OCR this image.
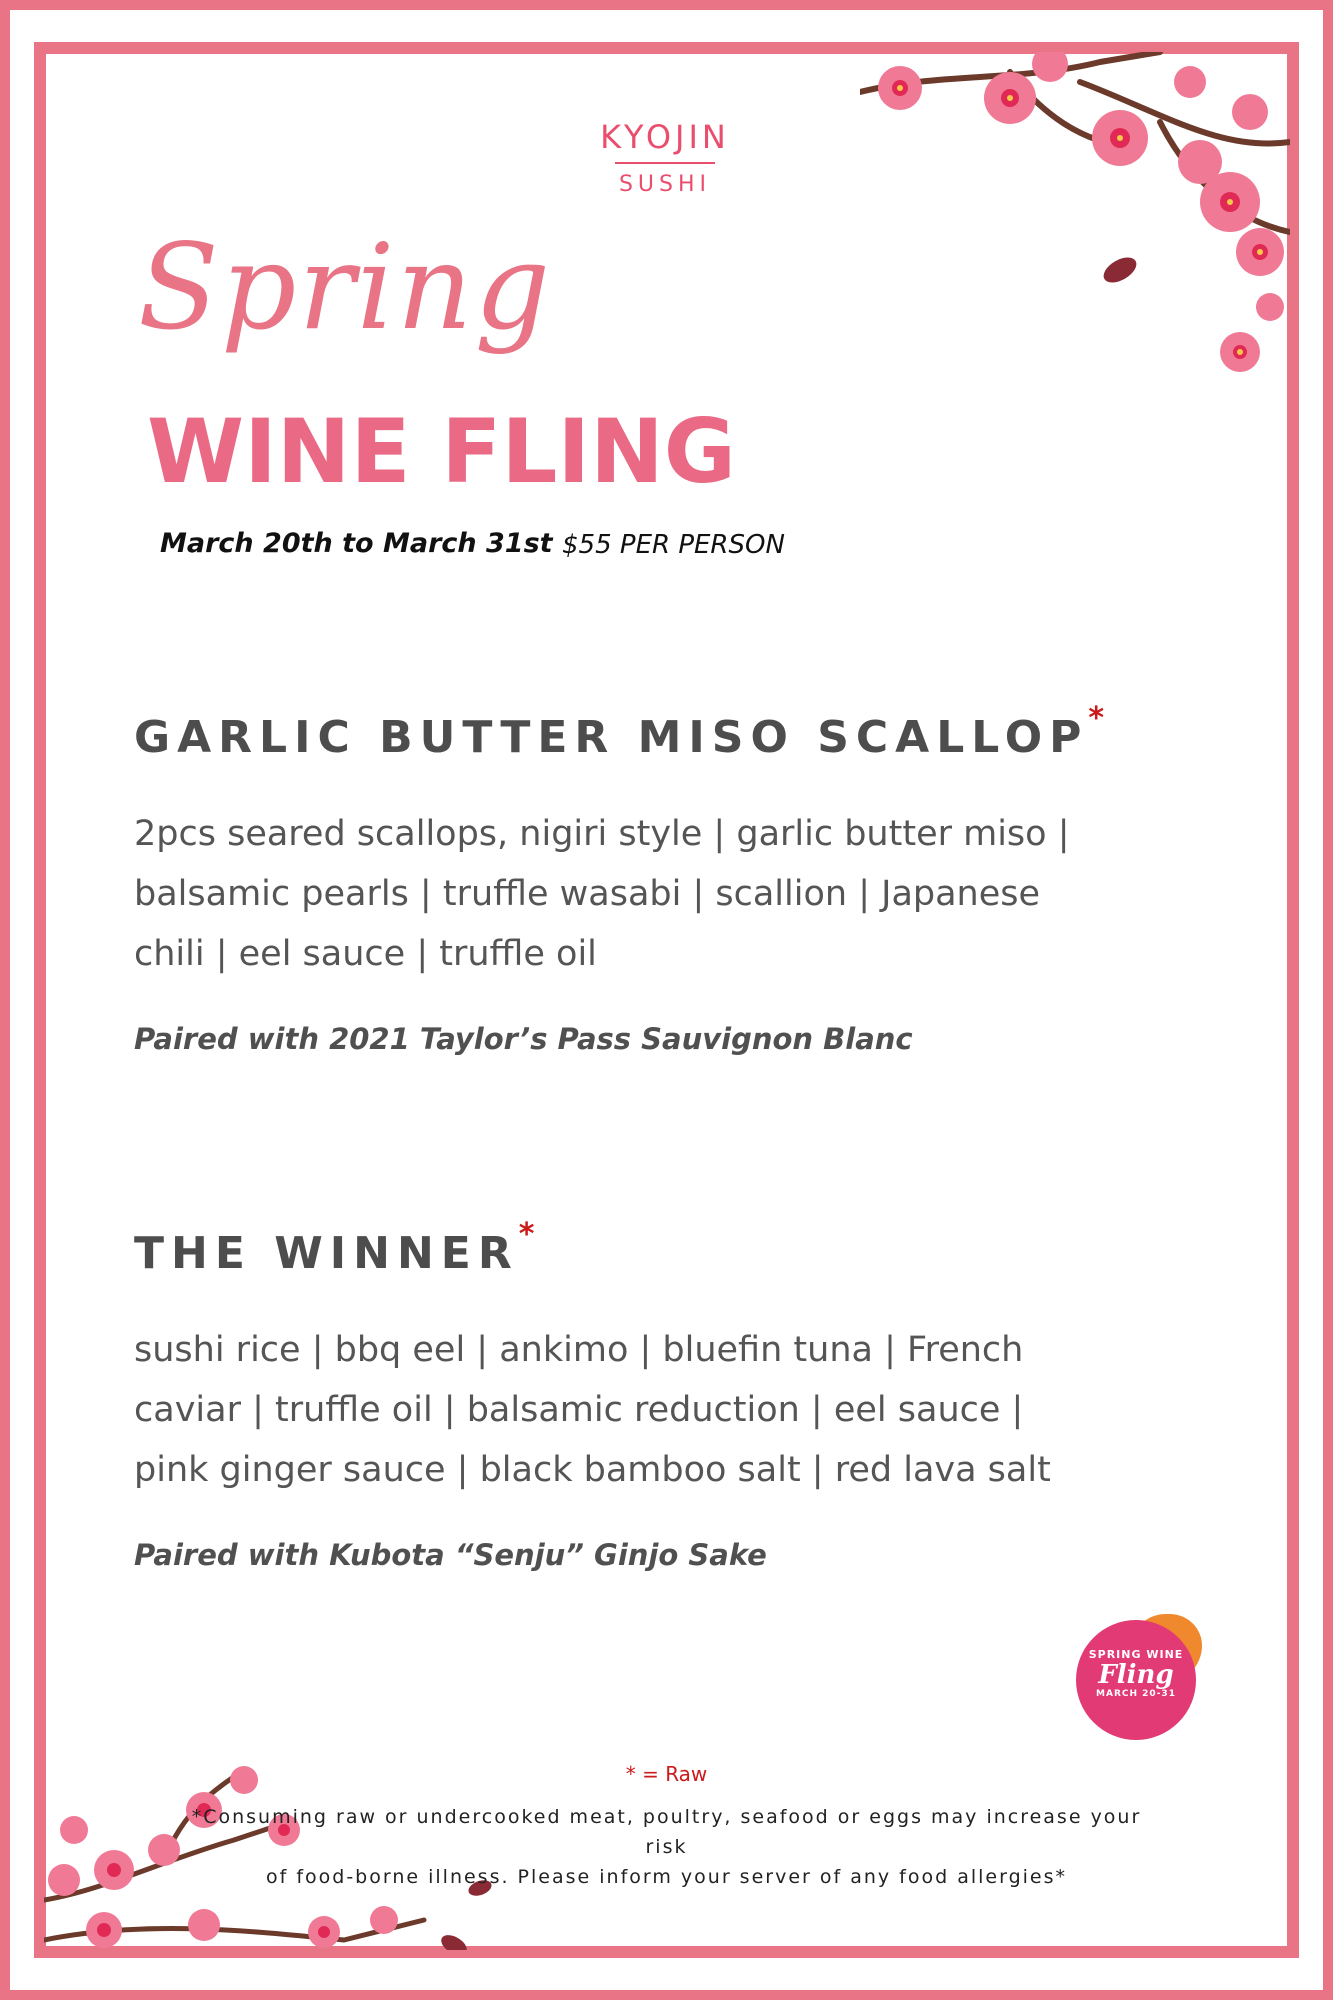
KYOJIN
SUSHI
Spring
WINE FLING
March 20th to March 31st $55 PER PERSON
GARLIC BUTTER MISO SCALLOP*
2pcs seared scallops, nigiri style | garlic butter miso |
balsamic pearls | truffle wasabi | scallion | Japanese
chili | eel sauce | truffle oil
Paired with 2021 Taylor’s Pass Sauvignon Blanc
THE WINNER*
sushi rice | bbq eel | ankimo | bluefin tuna | French
caviar | truffle oil | balsamic reduction | eel sauce |
pink ginger sauce | black bamboo salt | red lava salt
Paired with Kubota “Senju” Ginjo Sake
SPRING WINE
Fling
MARCH 20-31
* = Raw
*Consuming raw or undercooked meat, poultry, seafood or eggs may increase your risk
of food-borne illness. Please inform your server of any food allergies*
